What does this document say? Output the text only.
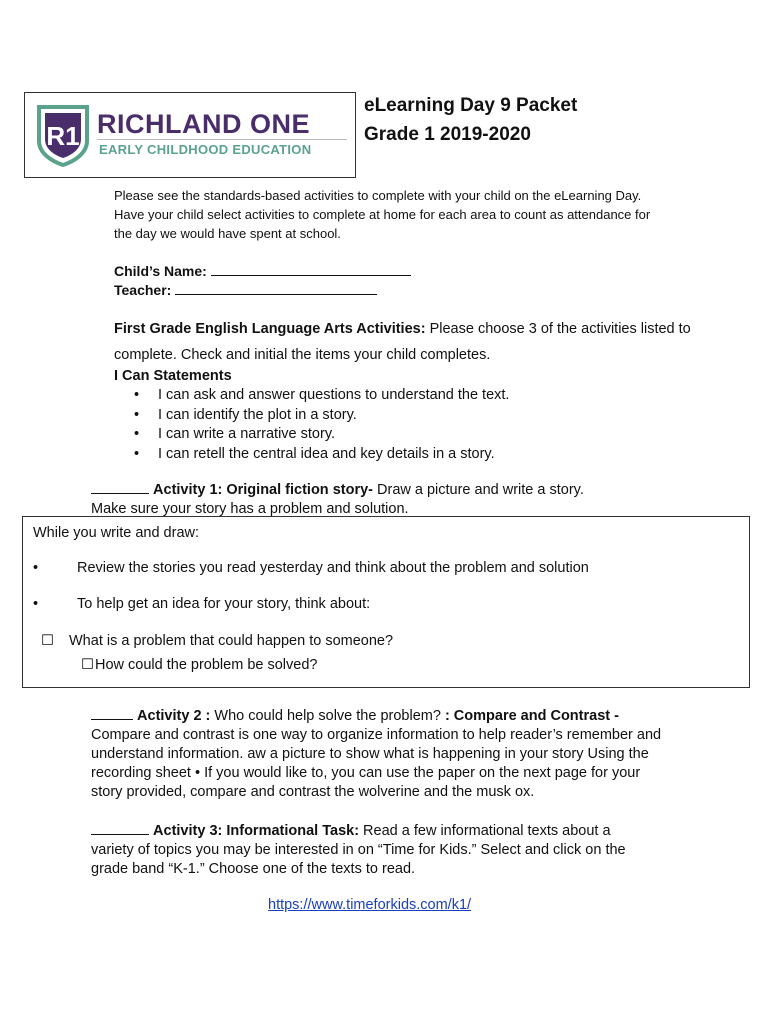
R1 RICHLAND ONE
EARLY CHILDHOOD EDUCATION
eLearning Day 9 Packet
Grade 1 2019-2020
Please see the standards-based activities to complete with your child on the eLearning Day. Have your child select activities to complete at home for each area to count as attendance for the day we would have spent at school.
Child’s Name:
Teacher:
First Grade English Language Arts Activities: Please choose 3 of the activities listed to complete. Check and initial the items your child completes.
I Can Statements
• I can ask and answer questions to understand the text.
• I can identify the plot in a story.
• I can write a narrative story.
• I can retell the central idea and key details in a story.
Activity 1: Original fiction story- Draw a picture and write a story.
Make sure your story has a problem and solution.
While you write and draw:
•	Review the stories you read yesterday and think about the problem and solution
•	To help get an idea for your story, think about:
☐ What is a problem that could happen to someone?
☐ How could the problem be solved?
Activity 2 : Who could help solve the problem? : Compare and Contrast -
Compare and contrast is one way to organize information to help reader’s remember and understand information. aw a picture to show what is happening in your story Using the recording sheet • If you would like to, you can use the paper on the next page for your story provided, compare and contrast the wolverine and the musk ox.
Activity 3: Informational Task: Read a few informational texts about a variety of topics you may be interested in on “Time for Kids.” Select and click on the grade band “K-1.” Choose one of the texts to read.
https://www.timeforkids.com/k1/
